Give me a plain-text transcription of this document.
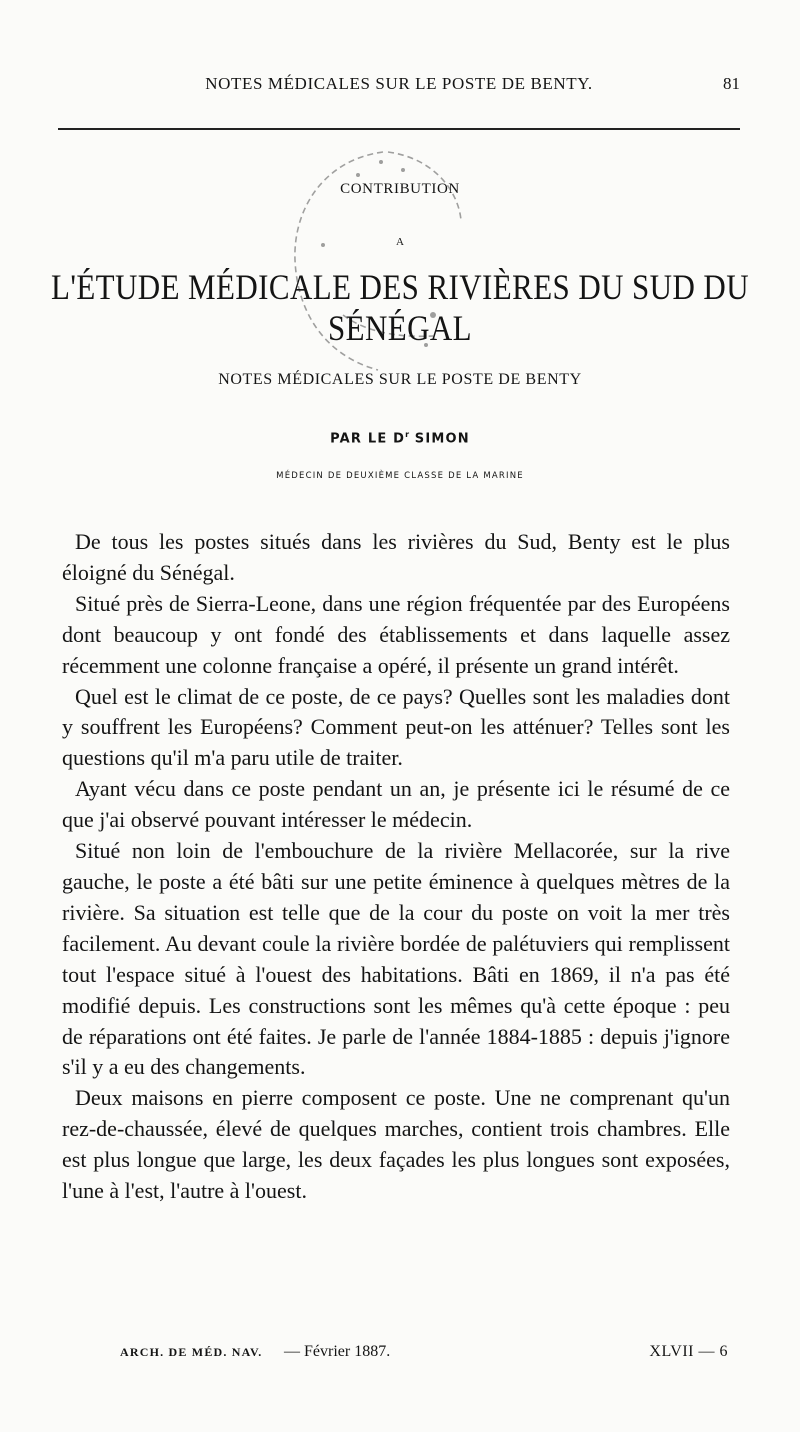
NOTES MÉDICALES SUR LE POSTE DE BENTY.	81
CONTRIBUTION
A
L'ÉTUDE MÉDICALE DES RIVIÈRES DU SUD DU SÉNÉGAL
NOTES MÉDICALES SUR LE POSTE DE BENTY
PAR LE $D^r$ SIMON
MÉDECIN DE DEUXIÈME CLASSE DE LA MARINE

De tous les postes situés dans les rivières du Sud, Benty est le plus éloigné du Sénégal.

Situé près de Sierra-Leone, dans une région fréquentée par des Européens dont beaucoup y ont fondé des établissements et dans laquelle assez récemment une colonne française a opéré, il présente un grand intérêt.

Quel est le climat de ce poste, de ce pays? Quelles sont les maladies dont y souffrent les Européens? Comment peut-on les atténuer? Telles sont les questions qu'il m'a paru utile de traiter.

Ayant vécu dans ce poste pendant un an, je présente ici le résumé de ce que j'ai observé pouvant intéresser le médecin.

Situé non loin de l'embouchure de la rivière Mellacorée, sur la rive gauche, le poste a été bâti sur une petite éminence à quelques mètres de la rivière. Sa situation est telle que de la cour du poste on voit la mer très facilement. Au devant coule la rivière bordée de palétuviers qui remplissent tout l'espace situé à l'ouest des habitations. Bâti en 1869, il n'a pas été modifié depuis. Les constructions sont les mêmes qu'à cette époque : peu de réparations ont été faites. Je parle de l'année 1884-1885 : depuis j'ignore s'il y a eu des changements.

Deux maisons en pierre composent ce poste. Une ne comprenant qu'un rez-de-chaussée, élevé de quelques marches, contient trois chambres. Elle est plus longue que large, les deux façades les plus longues sont exposées, l'une à l'est, l'autre à l'ouest.

ARCH. DE MÉD. NAV. — Février 1887.	XLVII — 6
